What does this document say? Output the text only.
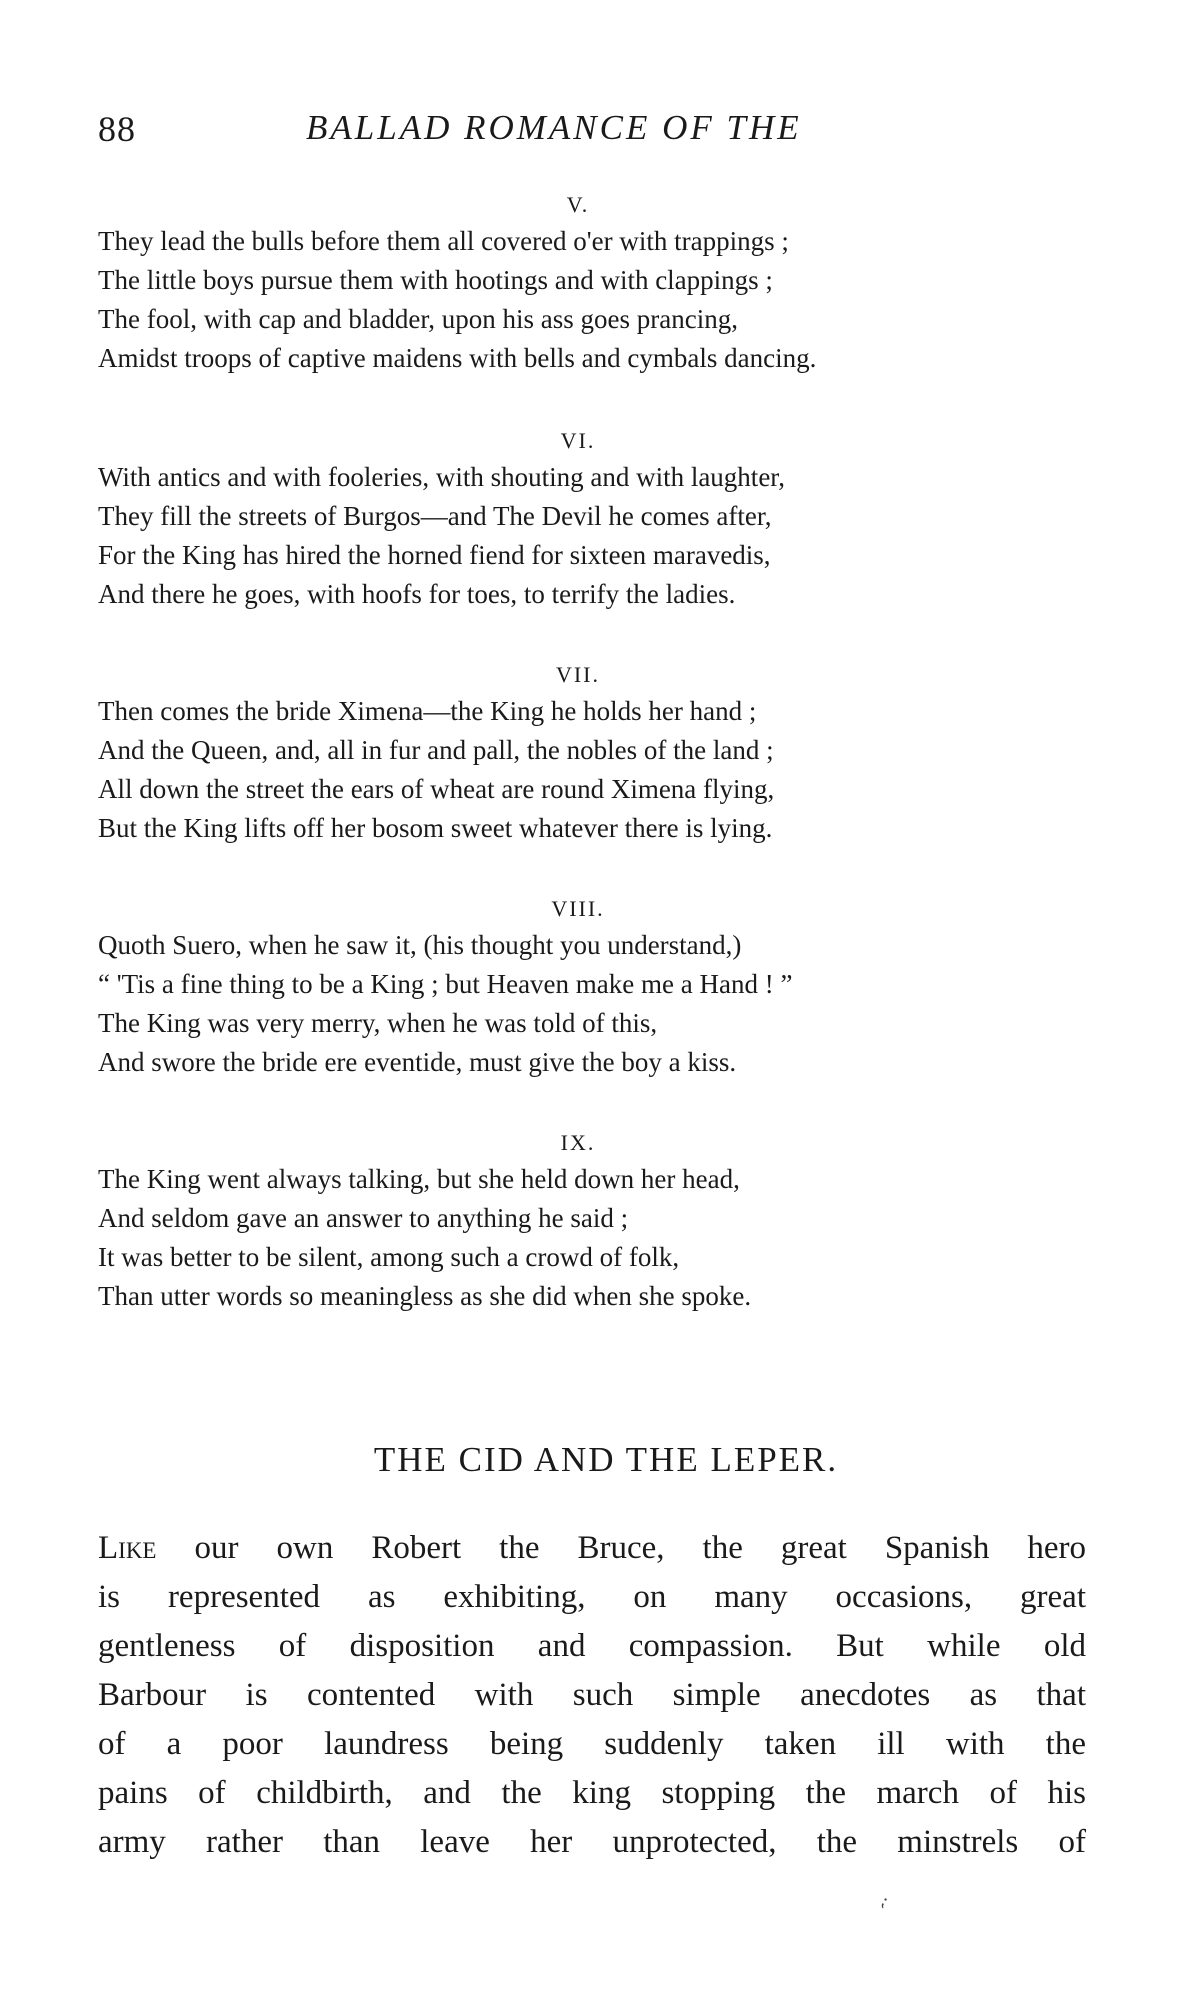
88	BALLAD ROMANCE OF THE
V.
They lead the bulls before them all covered o'er with trappings ;
The little boys pursue them with hootings and with clappings ;
The fool, with cap and bladder, upon his ass goes prancing,
Amidst troops of captive maidens with bells and cymbals dancing.
VI.
With antics and with fooleries, with shouting and with laughter,
They fill the streets of Burgos—and The Devil he comes after,
For the King has hired the horned fiend for sixteen maravedis,
And there he goes, with hoofs for toes, to terrify the ladies.
VII.
Then comes the bride Ximena—the King he holds her hand ;
And the Queen, and, all in fur and pall, the nobles of the land ;
All down the street the ears of wheat are round Ximena flying,
But the King lifts off her bosom sweet whatever there is lying.
VIII.
Quoth Suero, when he saw it, (his thought you understand,)
“ 'Tis a fine thing to be a King ; but Heaven make me a Hand ! ”
The King was very merry, when he was told of this,
And swore the bride ere eventide, must give the boy a kiss.
IX.
The King went always talking, but she held down her head,
And seldom gave an answer to anything he said ;
It was better to be silent, among such a crowd of folk,
Than utter words so meaningless as she did when she spoke.
THE CID AND THE LEPER.
Like our own Robert the Bruce, the great Spanish hero
is represented as exhibiting, on many occasions, great
gentleness of disposition and compassion. But while old
Barbour is contented with such simple anecdotes as that
of a poor laundress being suddenly taken ill with the
pains of childbirth, and the king stopping the march of his
army rather than leave her unprotected, the minstrels of
⁏
